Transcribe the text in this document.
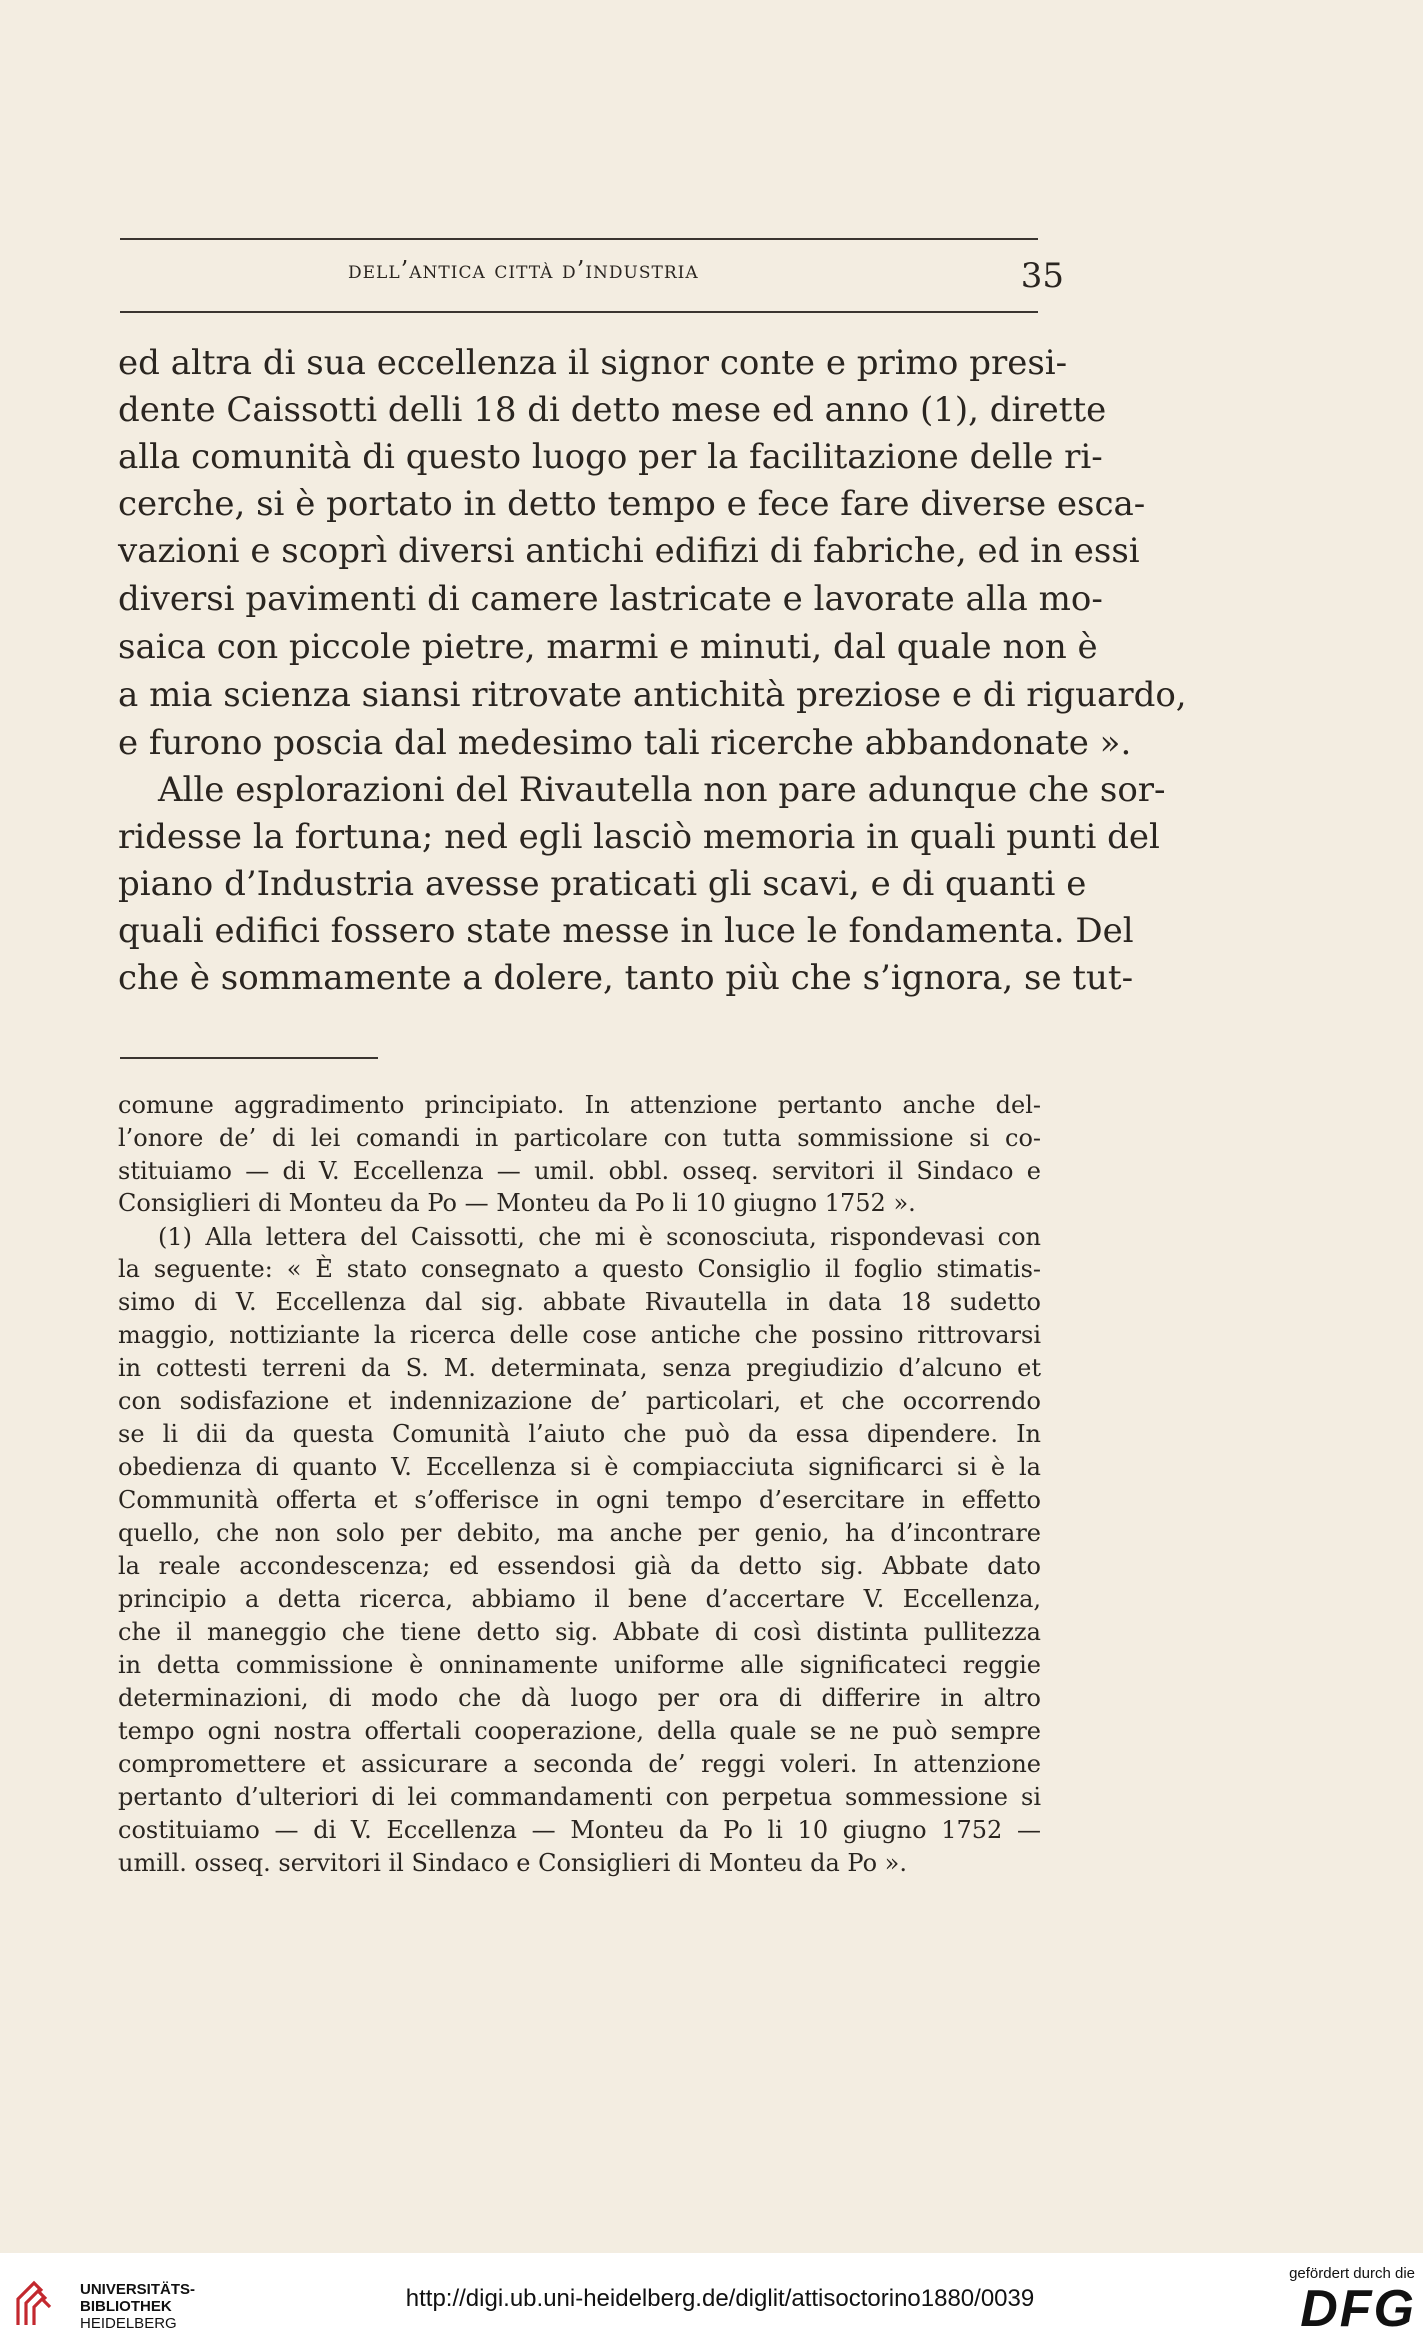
dell’antica città d’industria	35
ed altra di sua eccellenza il signor conte e primo presi-
dente Caissotti delli 18 di detto mese ed anno (1), dirette
alla comunità di questo luogo per la facilitazione delle ri-
cerche, si è portato in detto tempo e fece fare diverse esca-
vazioni e scoprì diversi antichi edifizi di fabriche, ed in essi
diversi pavimenti di camere lastricate e lavorate alla mo-
saica con piccole pietre, marmi e minuti, dal quale non è
a mia scienza siansi ritrovate antichità preziose e di riguardo,
e furono poscia dal medesimo tali ricerche abbandonate ».
Alle esplorazioni del Rivautella non pare adunque che sor-
ridesse la fortuna; ned egli lasciò memoria in quali punti del
piano d’Industria avesse praticati gli scavi, e di quanti e
quali edifici fossero state messe in luce le fondamenta. Del
che è sommamente a dolere, tanto più che s’ignora, se tut-
comune aggradimento principiato. In attenzione pertanto anche del-
l’onore de’ di lei comandi in particolare con tutta sommissione si co-
stituiamo — di V. Eccellenza — umil. obbl. osseq. servitori il Sindaco e
Consiglieri di Monteu da Po — Monteu da Po li 10 giugno 1752 ».
(1) Alla lettera del Caissotti, che mi è sconosciuta, rispondevasi con
la seguente: « È stato consegnato a questo Consiglio il foglio stimatis-
simo di V. Eccellenza dal sig. abbate Rivautella in data 18 sudetto
maggio, nottiziante la ricerca delle cose antiche che possino rittrovarsi
in cottesti terreni da S. M. determinata, senza pregiudizio d’alcuno et
con sodisfazione et indennizazione de’ particolari, et che occorrendo
se li dii da questa Comunità l’aiuto che può da essa dipendere. In
obedienza di quanto V. Eccellenza si è compiacciuta significarci si è la
Communità offerta et s’offerisce in ogni tempo d’esercitare in effetto
quello, che non solo per debito, ma anche per genio, ha d’incontrare
la reale accondescenza; ed essendosi già da detto sig. Abbate dato
principio a detta ricerca, abbiamo il bene d’accertare V. Eccellenza,
che il maneggio che tiene detto sig. Abbate di così distinta pullitezza
in detta commissione è onninamente uniforme alle significateci reggie
determinazioni, di modo che dà luogo per ora di differire in altro
tempo ogni nostra offertali cooperazione, della quale se ne può sempre
compromettere et assicurare a seconda de’ reggi voleri. In attenzione
pertanto d’ulteriori di lei commandamenti con perpetua sommessione si
costituiamo — di V. Eccellenza — Monteu da Po li 10 giugno 1752 —
umill. osseq. servitori il Sindaco e Consiglieri di Monteu da Po ».
UNIVERSITÄTS-
BIBLIOTHEK
HEIDELBERG
http://digi.ub.uni-heidelberg.de/diglit/attisoctorino1880/0039
gefördert durch die
DFG
